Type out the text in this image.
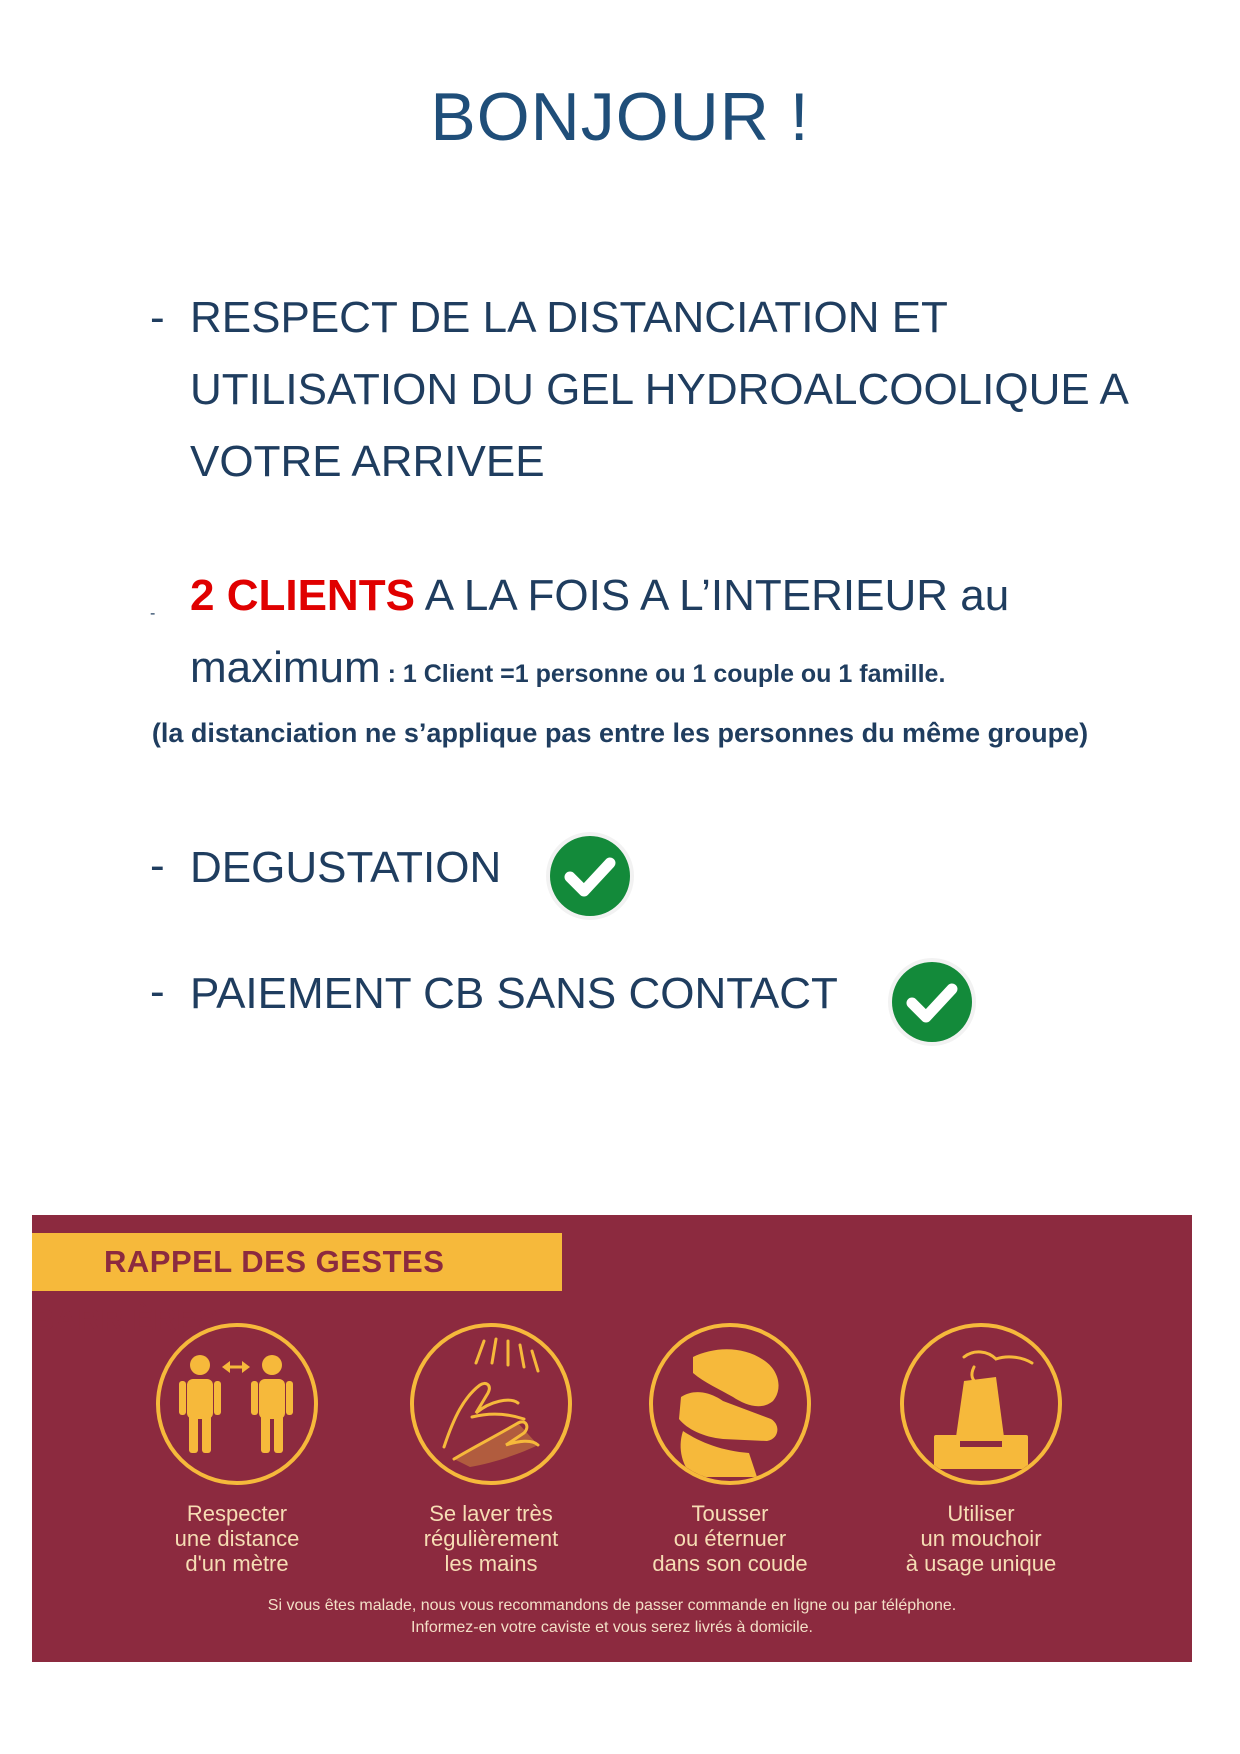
BONJOUR !
- RESPECT DE LA DISTANCIATION ET UTILISATION DU GEL HYDROALCOOLIQUE A VOTRE ARRIVEE
- 2 CLIENTS A LA FOIS A L’INTERIEUR au maximum : 1 Client =1 personne ou 1 couple ou 1 famille.
(la distanciation ne s’applique pas entre les personnes du même groupe)
- DEGUSTATION
- PAIEMENT CB SANS CONTACT
RAPPEL DES GESTES BARRIÈRES
Respecter
une distance
d'un mètre
Se laver très
régulièrement
les mains
Tousser
ou éternuer
dans son coude
Utiliser
un mouchoir
à usage unique
Si vous êtes malade, nous vous recommandons de passer commande en ligne ou par téléphone.
Informez-en votre caviste et vous serez livrés à domicile.
